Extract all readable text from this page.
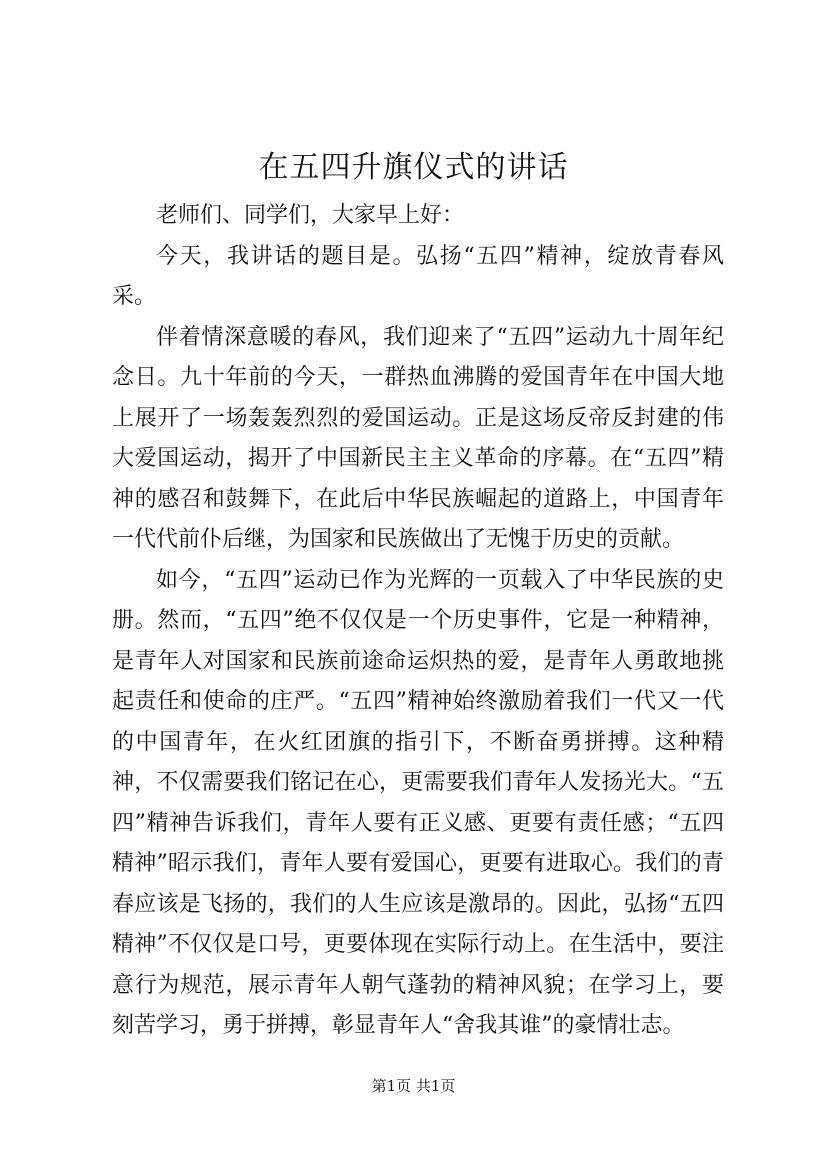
在五四升旗仪式的讲话

老师们、同学们，大家早上好：

今天，我讲话的题目是。弘扬“五四”精神，绽放青春风采。

伴着情深意暖的春风，我们迎来了“五四”运动九十周年纪念日。九十年前的今天，一群热血沸腾的爱国青年在中国大地上展开了一场轰轰烈烈的爱国运动。正是这场反帝反封建的伟大爱国运动，揭开了中国新民主主义革命的序幕。在“五四”精神的感召和鼓舞下，在此后中华民族崛起的道路上，中国青年一代代前仆后继，为国家和民族做出了无愧于历史的贡献。

如今，“五四”运动已作为光辉的一页载入了中华民族的史册。然而，“五四”绝不仅仅是一个历史事件，它是一种精神，是青年人对国家和民族前途命运炽热的爱，是青年人勇敢地挑起责任和使命的庄严。“五四”精神始终激励着我们一代又一代的中国青年，在火红团旗的指引下，不断奋勇拼搏。这种精神，不仅需要我们铭记在心，更需要我们青年人发扬光大。“五四”精神告诉我们，青年人要有正义感、更要有责任感；“五四精神”昭示我们，青年人要有爱国心，更要有进取心。我们的青春应该是飞扬的，我们的人生应该是激昂的。因此，弘扬“五四精神”不仅仅是口号，更要体现在实际行动上。在生活中，要注意行为规范，展示青年人朝气蓬勃的精神风貌；在学习上，要刻苦学习，勇于拼搏，彰显青年人“舍我其谁”的豪情壮志。

第1页 共1页
